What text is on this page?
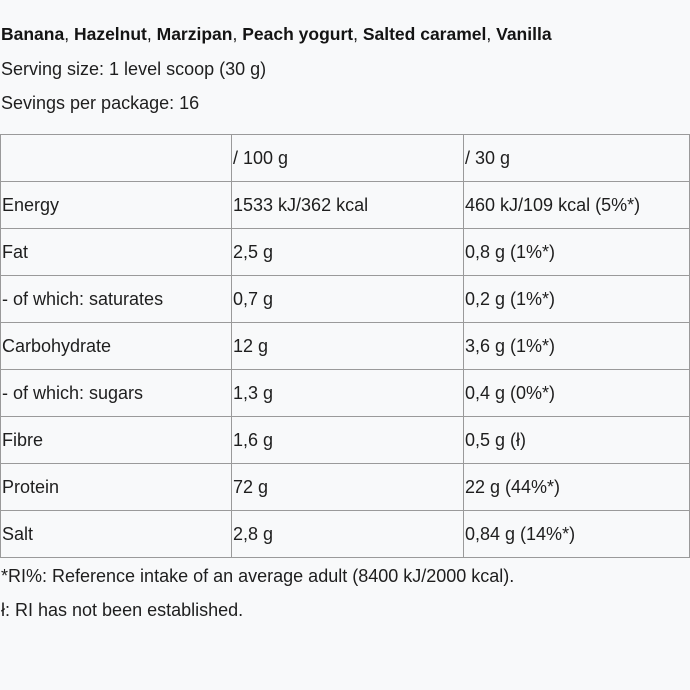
Banana, Hazelnut, Marzipan, Peach yogurt, Salted caramel, Vanilla
Serving size: 1 level scoop (30 g)
Sevings per package: 16
	/ 100 g	/ 30 g
Energy	1533 kJ/362 kcal	460 kJ/109 kcal (5%*)
Fat	2,5 g	0,8 g (1%*)
- of which: saturates	0,7 g	0,2 g (1%*)
Carbohydrate	12 g	3,6 g (1%*)
- of which: sugars	1,3 g	0,4 g (0%*)
Fibre	1,6 g	0,5 g (ł)
Protein	72 g	22 g (44%*)
Salt	2,8 g	0,84 g (14%*)
*RI%: Reference intake of an average adult (8400 kJ/2000 kcal).
ł: RI has not been established.
